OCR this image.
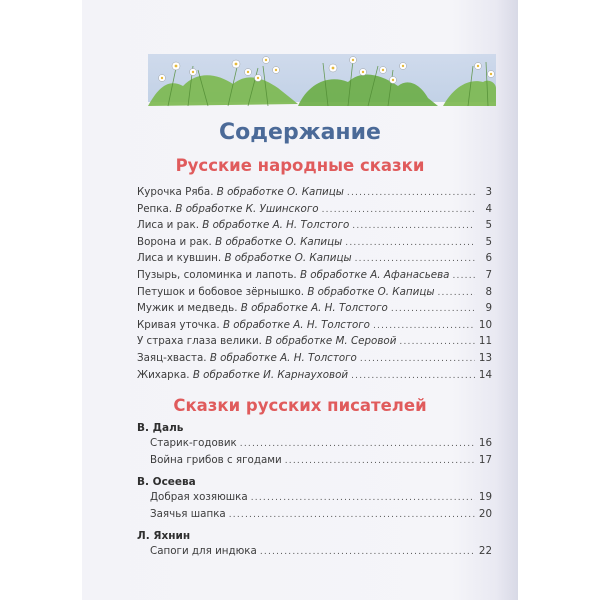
Содержание
Русские народные сказки
Курочка Ряба. В обработке О. Капицы .....	3
Репка. В обработке К. Ушинского .....	4
Лиса и рак. В обработке А. Н. Толстого .....	5
Ворона и рак. В обработке О. Капицы .....	5
Лиса и кувшин. В обработке О. Капицы .....	6
Пузырь, соломинка и лапоть. В обработке А. Афанасьева .....	7
Петушок и бобовое зёрнышко. В обработке О. Капицы .....	8
Мужик и медведь. В обработке А. Н. Толстого .....	9
Кривая уточка. В обработке А. Н. Толстого .....	10
У страха глаза велики. В обработке М. Серовой .....	11
Заяц-хваста. В обработке А. Н. Толстого .....	13
Жихарка. В обработке И. Карнауховой .....	14
Сказки русских писателей
В. Даль
Старик-годовик .....	16
Война грибов с ягодами .....	17
В. Осеева
Добрая хозяюшка .....	19
Заячья шапка .....	20
Л. Яхнин
Сапоги для индюка .....	22
